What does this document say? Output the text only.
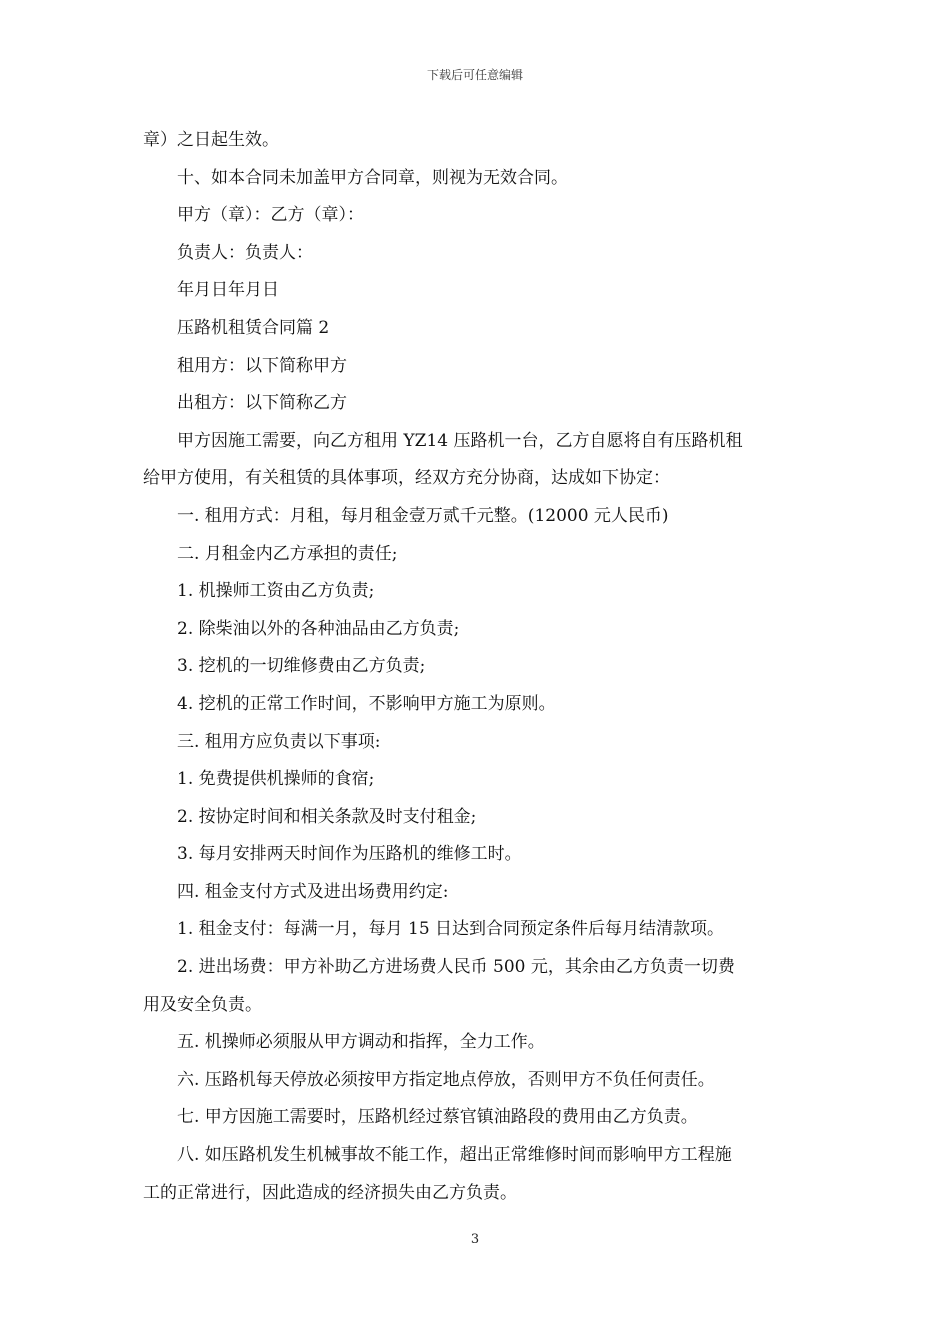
下载后可任意编辑
章）之日起生效。
十、如本合同未加盖甲方合同章，则视为无效合同。
甲方（章）：乙方（章）：
负责人：负责人：
年月日年月日
压路机租赁合同篇 2
租用方：以下简称甲方
出租方：以下简称乙方
甲方因施工需要，向乙方租用 YZ14 压路机一台，乙方自愿将自有压路机租
给甲方使用，有关租赁的具体事项，经双方充分协商，达成如下协定：
一. 租用方式：月租，每月租金壹万贰千元整。(12000 元人民币)
二. 月租金内乙方承担的责任;
1. 机操师工资由乙方负责;
2. 除柴油以外的各种油品由乙方负责;
3. 挖机的一切维修费由乙方负责;
4. 挖机的正常工作时间，不影响甲方施工为原则。
三. 租用方应负责以下事项:
1. 免费提供机操师的食宿;
2. 按协定时间和相关条款及时支付租金;
3. 每月安排两天时间作为压路机的维修工时。
四. 租金支付方式及进出场费用约定:
1. 租金支付：每满一月，每月 15 日达到合同预定条件后每月结清款项。
2. 进出场费：甲方补助乙方进场费人民币 500 元，其余由乙方负责一切费
用及安全负责。
五. 机操师必须服从甲方调动和指挥，全力工作。
六. 压路机每天停放必须按甲方指定地点停放，否则甲方不负任何责任。
七. 甲方因施工需要时，压路机经过蔡官镇油路段的费用由乙方负责。
八. 如压路机发生机械事故不能工作，超出正常维修时间而影响甲方工程施
工的正常进行，因此造成的经济损失由乙方负责。
3
